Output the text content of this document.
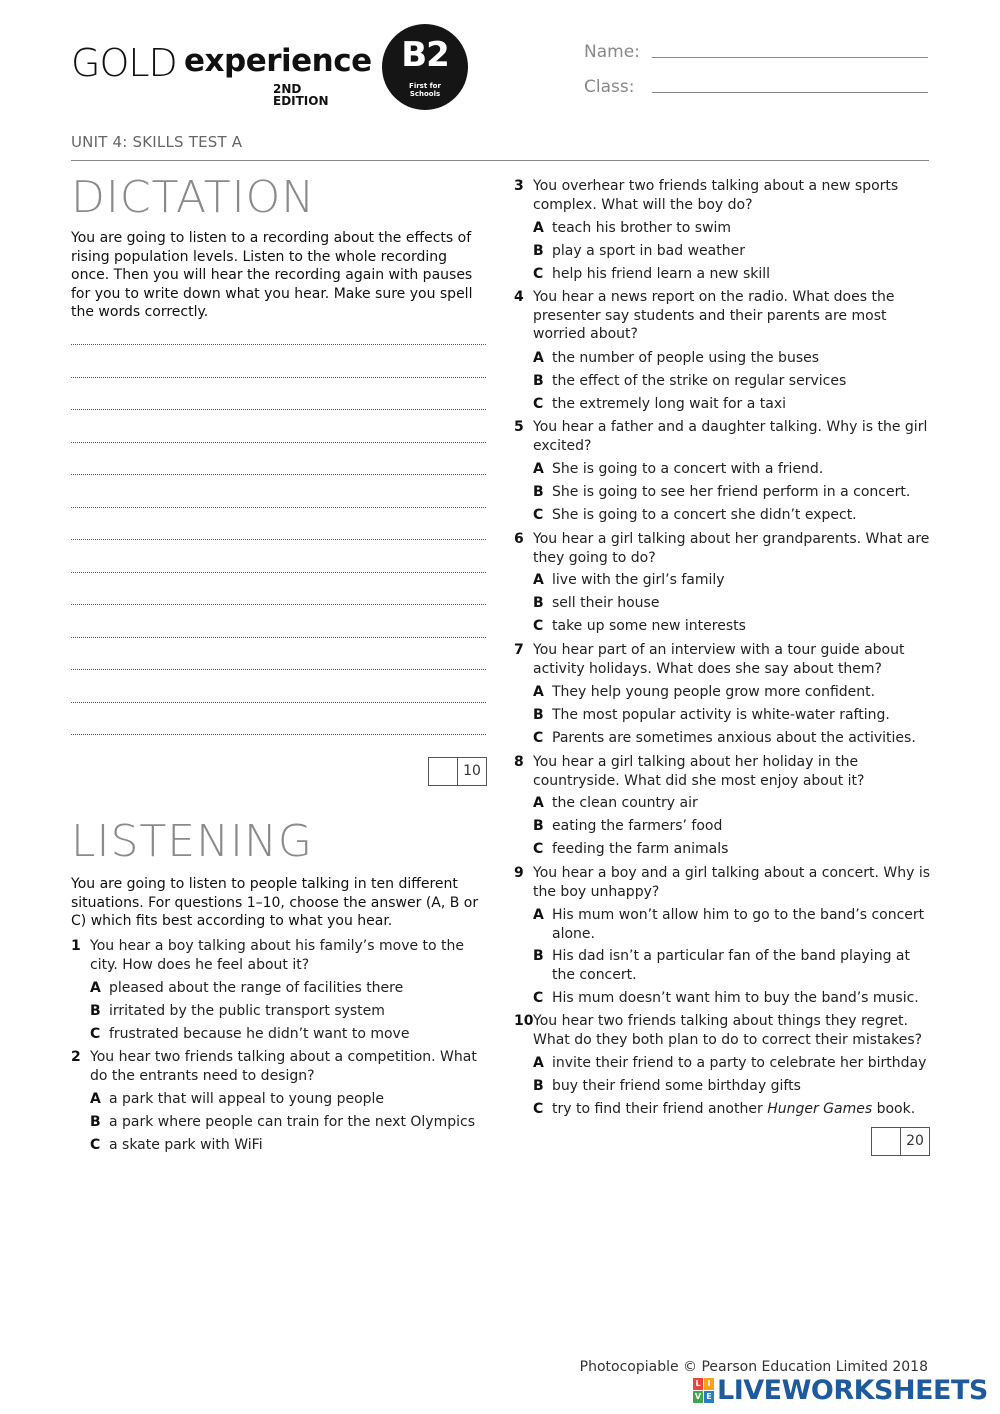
GOLD experience
2ND EDITION
B2
First for
Schools
Name:
Class:
UNIT 4: SKILLS TEST A
DICTATION
You are going to listen to a recording about the effects of rising population levels. Listen to the whole recording once. Then you will hear the recording again with pauses for you to write down what you hear. Make sure you spell the words correctly.
10
LISTENING
You are going to listen to people talking in ten different situations. For questions 1–10, choose the answer (A, B or C) which fits best according to what you hear.
1 You hear a boy talking about his family’s move to the city. How does he feel about it?
A pleased about the range of facilities there
B irritated by the public transport system
C frustrated because he didn’t want to move
2 You hear two friends talking about a competition. What do the entrants need to design?
A a park that will appeal to young people
B a park where people can train for the next Olympics
C a skate park with WiFi
3 You overhear two friends talking about a new sports complex. What will the boy do?
A teach his brother to swim
B play a sport in bad weather
C help his friend learn a new skill
4 You hear a news report on the radio. What does the presenter say students and their parents are most worried about?
A the number of people using the buses
B the effect of the strike on regular services
C the extremely long wait for a taxi
5 You hear a father and a daughter talking. Why is the girl excited?
A She is going to a concert with a friend.
B She is going to see her friend perform in a concert.
C She is going to a concert she didn’t expect.
6 You hear a girl talking about her grandparents. What are they going to do?
A live with the girl’s family
B sell their house
C take up some new interests
7 You hear part of an interview with a tour guide about activity holidays. What does she say about them?
A They help young people grow more confident.
B The most popular activity is white-water rafting.
C Parents are sometimes anxious about the activities.
8 You hear a girl talking about her holiday in the countryside. What did she most enjoy about it?
A the clean country air
B eating the farmers’ food
C feeding the farm animals
9 You hear a boy and a girl talking about a concert. Why is the boy unhappy?
A His mum won’t allow him to go to the band’s concert alone.
B His dad isn’t a particular fan of the band playing at the concert.
C His mum doesn’t want him to buy the band’s music.
10 You hear two friends talking about things they regret. What do they both plan to do to correct their mistakes?
A invite their friend to a party to celebrate her birthday
B buy their friend some birthday gifts
C try to find their friend another Hunger Games book.
20
Photocopiable © Pearson Education Limited 2018
L I
V E LIVEWORKSHEETS
